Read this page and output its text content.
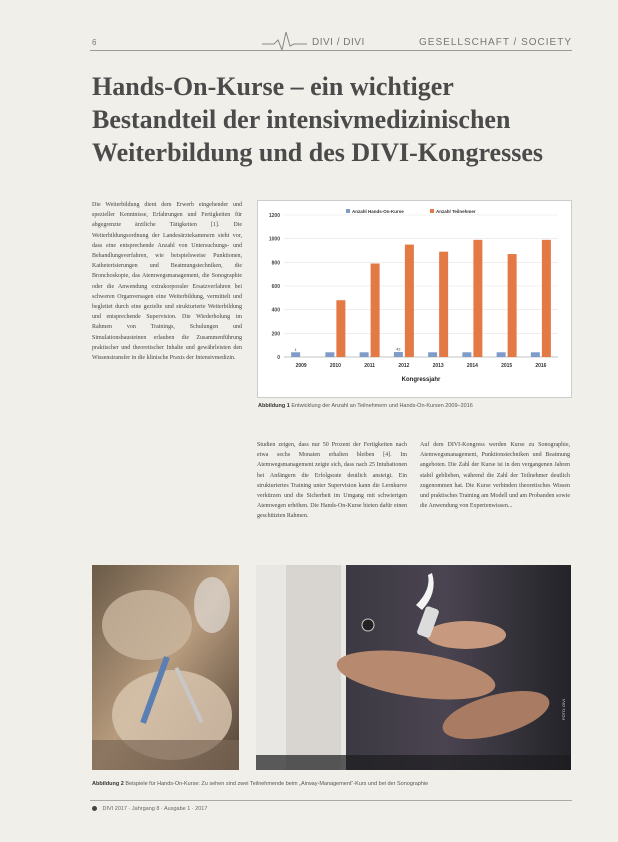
6	DIVI / DIVI	GESELLSCHAFT / SOCIETY
Hands-On-Kurse – ein wichtiger Bestandteil der intensivmedizinischen Weiterbildung und des DIVI-Kongresses
Die Weiterbildung dient dem Erwerb eingehender und spezieller Kenntnisse, Erfahrungen und Fertigkeiten für abgegrenzte ärztliche Tätigkeiten [1]. Die Weiterbildungsordnung der Landesärztekammern sieht vor, dass eine entsprechende Anzahl von Untersuchungs- und Behandlungsverfahren, wie beispielsweise Punktionen, Katheterisierungen und Beatmungstechniken, die Bronchoskopie, das Atemwegsmanagement, die Sonographie oder die Anwendung extrakorporaler Ersatzverfahren bei schweren Organversagen eine Weiterbildung, vermittelt und begleitet durch eine gezielte und strukturierte Weiterbildung und entsprechende Supervision. Die Wiederholung im Rahmen von Trainings, Schulungen und Simulationsbausteinen erlauben die Zusammenführung praktischer und theoretischer Inhalte und gewährleisten den Wissenstransfer in die klinische Praxis der Intensivmedizin.	0
200
400
600
800
1000
1200
Anzahl Hands-On-Kurse	Anzahl Teilnehmer
1
2009	2010	2011
42
2012	2013	2014	2015	2016
Kongressjahr
Abbildung 1 Entwicklung der Anzahl an Teilnehmern und Hands-On-Kursen 2009–2016
Studien zeigen, dass nur 50 Prozent der Fertigkeiten nach etwa sechs Monaten erhalten bleiben [4]. Im Atemwegsmanagement zeigte sich, dass nach 25 Intubationen bei Anfängern die Erfolgsrate deutlich ansteigt. Ein strukturiertes Training unter Supervision kann die Lernkurve verkürzen und die Sicherheit im Umgang mit schwierigen Atemwegen erhöhen. Die Hands-On-Kurse bieten dafür einen geschützten Rahmen.
Auf dem DIVI-Kongress werden Kurse zu Sonographie, Atemwegsmanagement, Punktionstechniken und Beatmung angeboten. Die Zahl der Kurse ist in den vergangenen Jahren stabil geblieben, während die Zahl der Teilnehmer deutlich zugenommen hat. Die Kurse verbinden theoretisches Wissen und praktisches Training am Modell und am Probanden sowie die Anwendung von Expertenwissen...
FOTO: DIVI
Abbildung 2 Beispiele für Hands-On-Kurse: Zu sehen sind zwei Teilnehmende beim „Airway-Management“-Kurs und bei der Sonographie
DIVI 2017 · Jahrgang 8 · Ausgabe 1 · 2017
